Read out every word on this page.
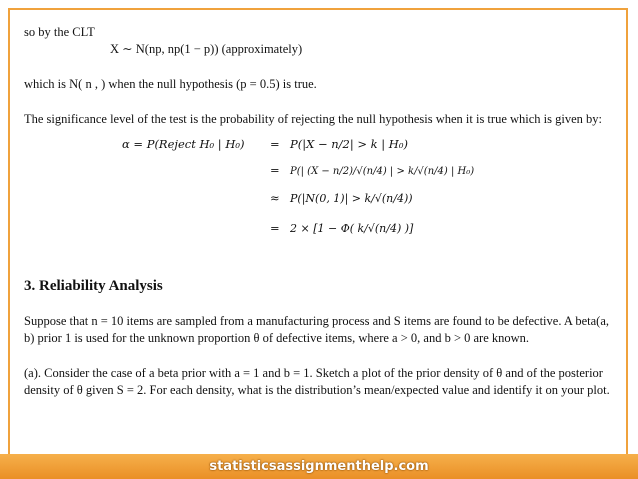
so by the CLT

X ∼ N(np, np(1 − p)) (approximately)

which is N( n , ) when the null hypothesis (p = 0.5) is true.

The significance level of the test is the probability of rejecting the null hypothesis when it is true which is given by:

α = P(Reject H₀ | H₀) = P(|X − n/2| > k | H₀)
= P(| (X − n/2)/√(n/4) | > k/√(n/4) | H₀)
≈ P(|N(0, 1)| > k/√(n/4))
= 2 × [1 − Φ( k/√(n/4) )]
3. Reliability Analysis

Suppose that n = 10 items are sampled from a manufacturing process and S items are found to be defective. A beta(a, b) prior 1 is used for the unknown proportion θ of defective items, where a > 0, and b > 0 are known.

(a). Consider the case of a beta prior with a = 1 and b = 1. Sketch a plot of the prior density of θ and of the posterior density of θ given S = 2. For each density, what is the distribution’s mean/expected value and identify it on your plot.

statisticsassignmenthelp.com
